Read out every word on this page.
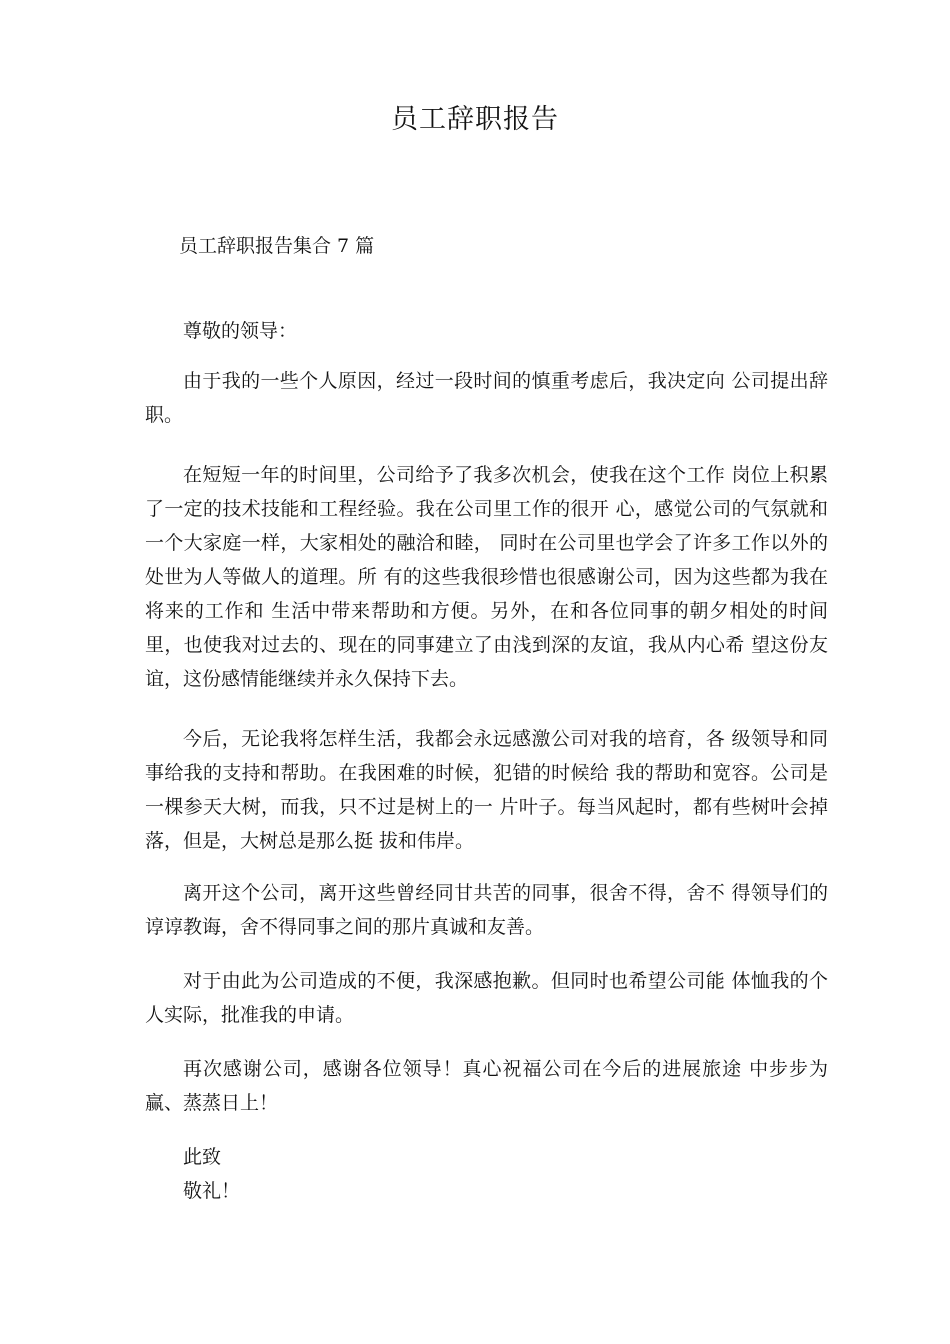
员工辞职报告

员工辞职报告集合 7 篇

尊敬的领导：

由于我的一些个人原因，经过一段时间的慎重考虑后，我决定向 公司提出辞职。

在短短一年的时间里，公司给予了我多次机会，使我在这个工作 岗位上积累了一定的技术技能和工程经验。我在公司里工作的很开 心，感觉公司的气氛就和一个大家庭一样，大家相处的融洽和睦， 同时在公司里也学会了许多工作以外的处世为人等做人的道理。所 有的这些我很珍惜也很感谢公司，因为这些都为我在将来的工作和 生活中带来帮助和方便。另外，在和各位同事的朝夕相处的时间里，也使我对过去的、现在的同事建立了由浅到深的友谊，我从内心希 望这份友谊，这份感情能继续并永久保持下去。

今后，无论我将怎样生活，我都会永远感激公司对我的培育，各 级领导和同事给我的支持和帮助。在我困难的时候，犯错的时候给 我的帮助和宽容。公司是一棵参天大树，而我，只不过是树上的一 片叶子。每当风起时，都有些树叶会掉落，但是，大树总是那么挺 拔和伟岸。

离开这个公司，离开这些曾经同甘共苦的同事，很舍不得，舍不 得领导们的谆谆教诲，舍不得同事之间的那片真诚和友善。

对于由此为公司造成的不便，我深感抱歉。但同时也希望公司能 体恤我的个人实际，批准我的申请。

再次感谢公司，感谢各位领导！真心祝福公司在今后的进展旅途 中步步为赢、蒸蒸日上！

此致

敬礼！
